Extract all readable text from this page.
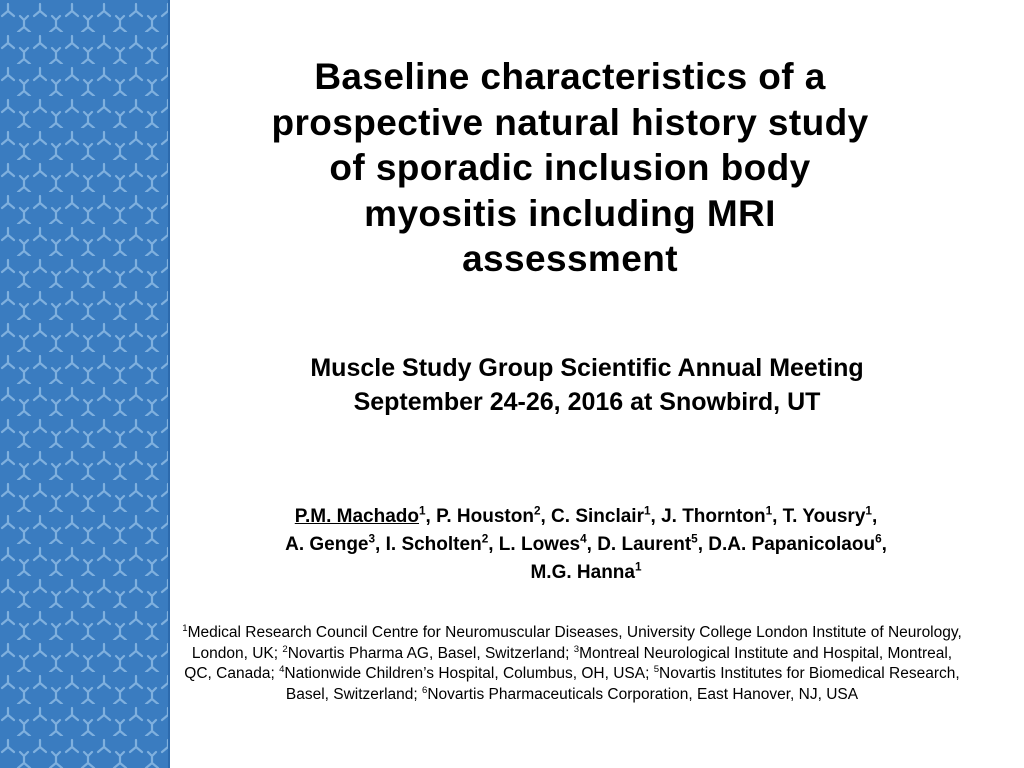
Baseline characteristics of a
prospective natural history study
of sporadic inclusion body
myositis including MRI
assessment
Muscle Study Group Scientific Annual Meeting
September 24-26, 2016 at Snowbird, UT
P.M. Machado$^1$, P. Houston$^2$, C. Sinclair$^1$, J. Thornton$^1$, T. Yousry$^1$,
A. Genge$^3$, I. Scholten$^2$, L. Lowes$^4$, D. Laurent$^5$, D.A. Papanicolaou$^6$,
M.G. Hanna$^1$
$^1$Medical Research Council Centre for Neuromuscular Diseases, University College London Institute of Neurology, London, UK; $^2$Novartis Pharma AG, Basel, Switzerland; $^3$Montreal Neurological Institute and Hospital, Montreal, QC, Canada; $^4$Nationwide Children’s Hospital, Columbus, OH, USA; $^5$Novartis Institutes for Biomedical Research, Basel, Switzerland; $^6$Novartis Pharmaceuticals Corporation, East Hanover, NJ, USA
